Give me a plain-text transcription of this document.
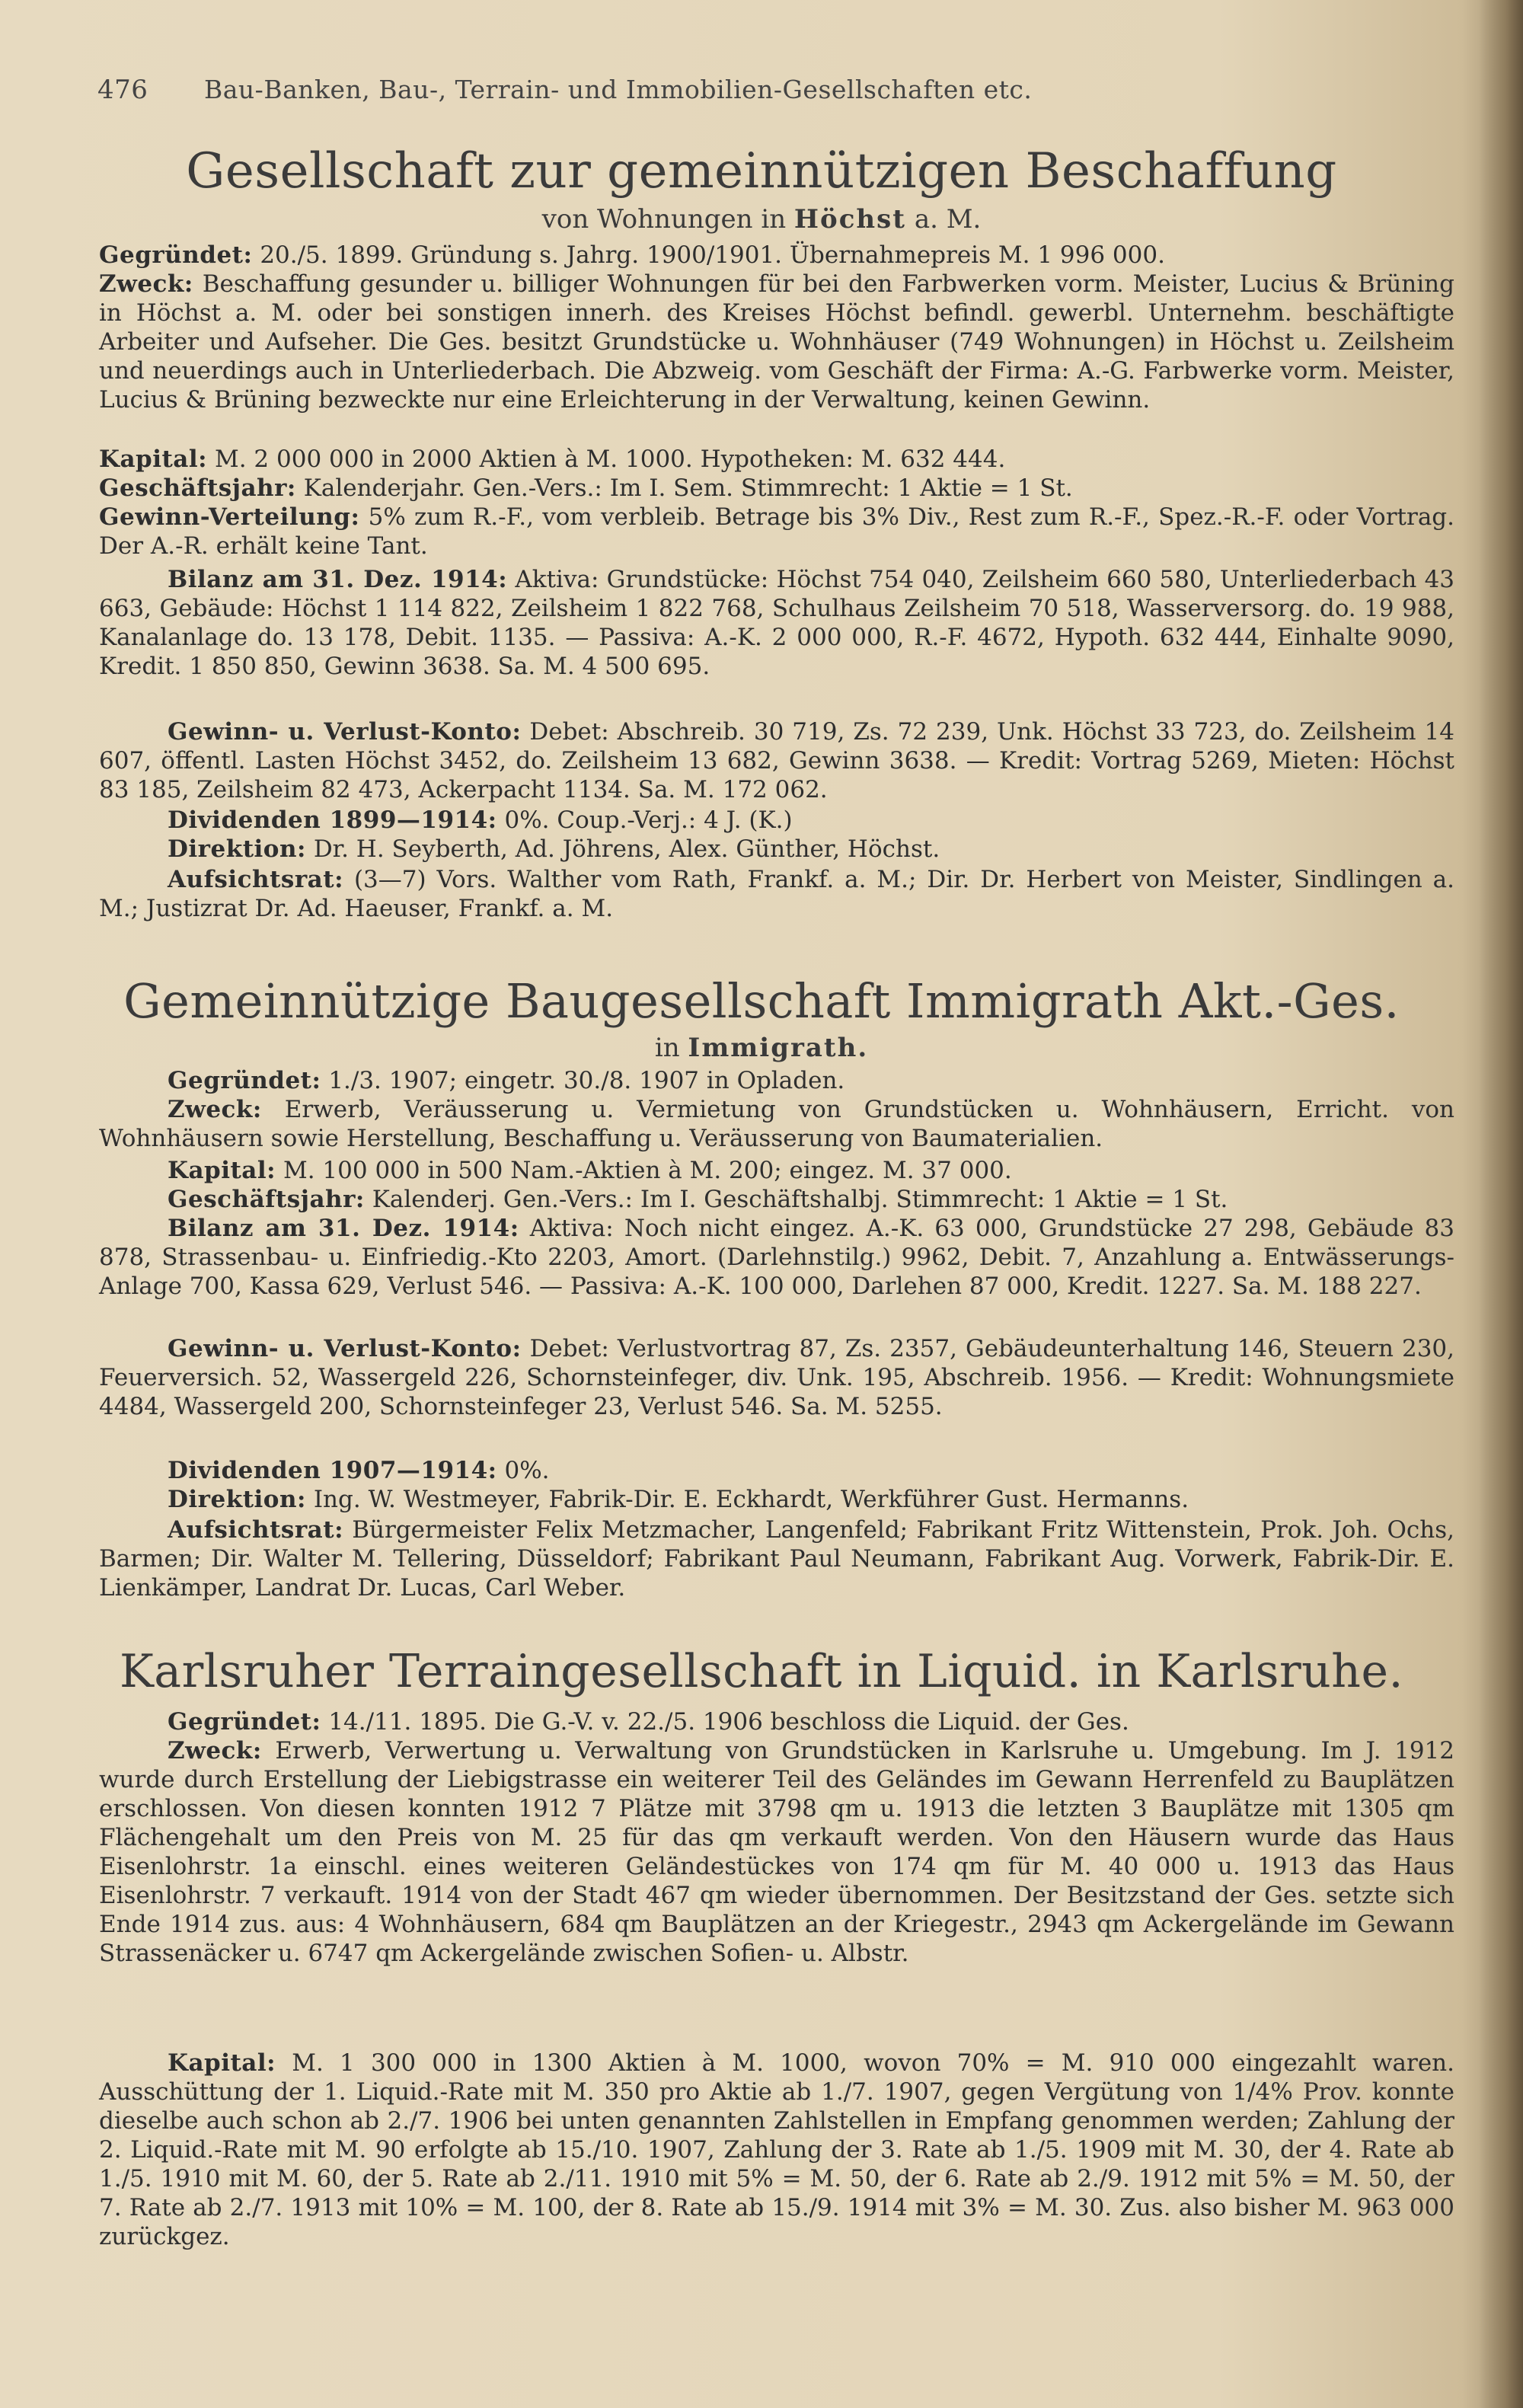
476 Bau-Banken, Bau-, Terrain- und Immobilien-Gesellschaften etc.
Gesellschaft zur gemeinnützigen Beschaffung
von Wohnungen in Höchst a. M.
Gegründet: 20./5. 1899. Gründung s. Jahrg. 1900/1901. Übernahmepreis M. 1 996 000.
Zweck: Beschaffung gesunder u. billiger Wohnungen für bei den Farbwerken vorm. Meister, Lucius & Brüning in Höchst a. M. oder bei sonstigen innerh. des Kreises Höchst befindl. gewerbl. Unternehm. beschäftigte Arbeiter und Aufseher. Die Ges. besitzt Grundstücke u. Wohnhäuser (749 Wohnungen) in Höchst u. Zeilsheim und neuerdings auch in Unterliederbach. Die Abzweig. vom Geschäft der Firma: A.-G. Farbwerke vorm. Meister, Lucius & Brüning bezweckte nur eine Erleichterung in der Verwaltung, keinen Gewinn.
Kapital: M. 2 000 000 in 2000 Aktien à M. 1000. Hypotheken: M. 632 444.
Geschäftsjahr: Kalenderjahr. Gen.-Vers.: Im I. Sem. Stimmrecht: 1 Aktie = 1 St.
Gewinn-Verteilung: 5% zum R.-F., vom verbleib. Betrage bis 3% Div., Rest zum R.-F., Spez.-R.-F. oder Vortrag. Der A.-R. erhält keine Tant.
Bilanz am 31. Dez. 1914: Aktiva: Grundstücke: Höchst 754 040, Zeilsheim 660 580, Unterliederbach 43 663, Gebäude: Höchst 1 114 822, Zeilsheim 1 822 768, Schulhaus Zeilsheim 70 518, Wasserversorg. do. 19 988, Kanalanlage do. 13 178, Debit. 1135. — Passiva: A.-K. 2 000 000, R.-F. 4672, Hypoth. 632 444, Einhalte 9090, Kredit. 1 850 850, Gewinn 3638. Sa. M. 4 500 695.
Gewinn- u. Verlust-Konto: Debet: Abschreib. 30 719, Zs. 72 239, Unk. Höchst 33 723, do. Zeilsheim 14 607, öffentl. Lasten Höchst 3452, do. Zeilsheim 13 682, Gewinn 3638. — Kredit: Vortrag 5269, Mieten: Höchst 83 185, Zeilsheim 82 473, Ackerpacht 1134. Sa. M. 172 062.
Dividenden 1899—1914: 0%. Coup.-Verj.: 4 J. (K.)
Direktion: Dr. H. Seyberth, Ad. Jöhrens, Alex. Günther, Höchst.
Aufsichtsrat: (3—7) Vors. Walther vom Rath, Frankf. a. M.; Dir. Dr. Herbert von Meister, Sindlingen a. M.; Justizrat Dr. Ad. Haeuser, Frankf. a. M.
Gemeinnützige Baugesellschaft Immigrath Akt.-Ges.
in Immigrath.
Gegründet: 1./3. 1907; eingetr. 30./8. 1907 in Opladen.
Zweck: Erwerb, Veräusserung u. Vermietung von Grundstücken u. Wohnhäusern, Erricht. von Wohnhäusern sowie Herstellung, Beschaffung u. Veräusserung von Baumaterialien.
Kapital: M. 100 000 in 500 Nam.-Aktien à M. 200; eingez. M. 37 000.
Geschäftsjahr: Kalenderj. Gen.-Vers.: Im I. Geschäftshalbj. Stimmrecht: 1 Aktie = 1 St.
Bilanz am 31. Dez. 1914: Aktiva: Noch nicht eingez. A.-K. 63 000, Grundstücke 27 298, Gebäude 83 878, Strassenbau- u. Einfriedig.-Kto 2203, Amort. (Darlehnstilg.) 9962, Debit. 7, Anzahlung a. Entwässerungs-Anlage 700, Kassa 629, Verlust 546. — Passiva: A.-K. 100 000, Darlehen 87 000, Kredit. 1227. Sa. M. 188 227.
Gewinn- u. Verlust-Konto: Debet: Verlustvortrag 87, Zs. 2357, Gebäudeunterhaltung 146, Steuern 230, Feuerversich. 52, Wassergeld 226, Schornsteinfeger, div. Unk. 195, Abschreib. 1956. — Kredit: Wohnungsmiete 4484, Wassergeld 200, Schornsteinfeger 23, Verlust 546. Sa. M. 5255.
Dividenden 1907—1914: 0%.
Direktion: Ing. W. Westmeyer, Fabrik-Dir. E. Eckhardt, Werkführer Gust. Hermanns.
Aufsichtsrat: Bürgermeister Felix Metzmacher, Langenfeld; Fabrikant Fritz Wittenstein, Prok. Joh. Ochs, Barmen; Dir. Walter M. Tellering, Düsseldorf; Fabrikant Paul Neumann, Fabrikant Aug. Vorwerk, Fabrik-Dir. E. Lienkämper, Landrat Dr. Lucas, Carl Weber.
Karlsruher Terraingesellschaft in Liquid. in Karlsruhe.
Gegründet: 14./11. 1895. Die G.-V. v. 22./5. 1906 beschloss die Liquid. der Ges.
Zweck: Erwerb, Verwertung u. Verwaltung von Grundstücken in Karlsruhe u. Umgebung. Im J. 1912 wurde durch Erstellung der Liebigstrasse ein weiterer Teil des Geländes im Gewann Herrenfeld zu Bauplätzen erschlossen. Von diesen konnten 1912 7 Plätze mit 3798 qm u. 1913 die letzten 3 Bauplätze mit 1305 qm Flächengehalt um den Preis von M. 25 für das qm verkauft werden. Von den Häusern wurde das Haus Eisenlohrstr. 1a einschl. eines weiteren Geländestückes von 174 qm für M. 40 000 u. 1913 das Haus Eisenlohrstr. 7 verkauft. 1914 von der Stadt 467 qm wieder übernommen. Der Besitzstand der Ges. setzte sich Ende 1914 zus. aus: 4 Wohnhäusern, 684 qm Bauplätzen an der Kriegestr., 2943 qm Ackergelände im Gewann Strassenäcker u. 6747 qm Ackergelände zwischen Sofien- u. Albstr.
Kapital: M. 1 300 000 in 1300 Aktien à M. 1000, wovon 70% = M. 910 000 eingezahlt waren. Ausschüttung der 1. Liquid.-Rate mit M. 350 pro Aktie ab 1./7. 1907, gegen Vergütung von 1/4% Prov. konnte dieselbe auch schon ab 2./7. 1906 bei unten genannten Zahlstellen in Empfang genommen werden; Zahlung der 2. Liquid.-Rate mit M. 90 erfolgte ab 15./10. 1907, Zahlung der 3. Rate ab 1./5. 1909 mit M. 30, der 4. Rate ab 1./5. 1910 mit M. 60, der 5. Rate ab 2./11. 1910 mit 5% = M. 50, der 6. Rate ab 2./9. 1912 mit 5% = M. 50, der 7. Rate ab 2./7. 1913 mit 10% = M. 100, der 8. Rate ab 15./9. 1914 mit 3% = M. 30. Zus. also bisher M. 963 000 zurückgez.
